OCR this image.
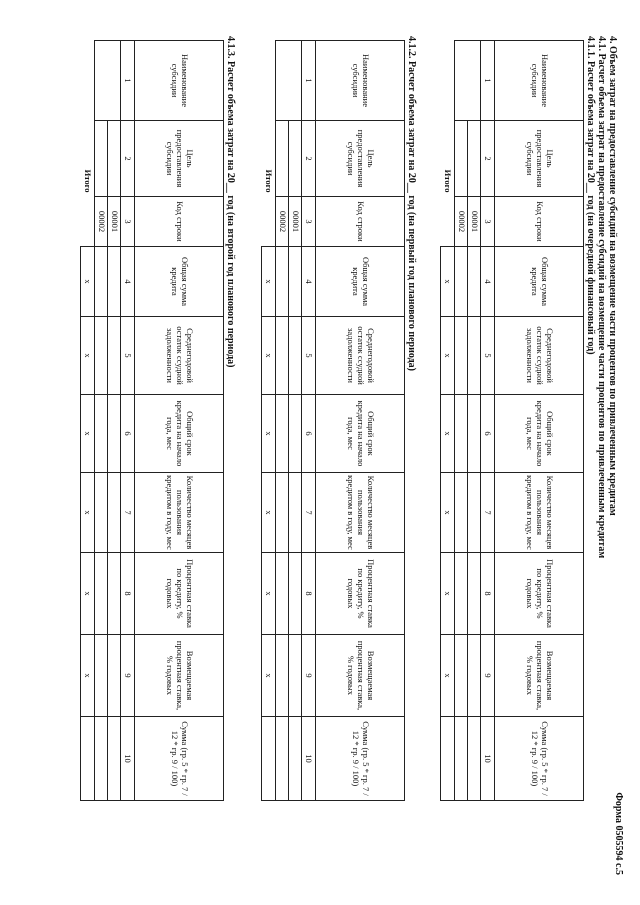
Форма 0505594 с.5
4. Объем затрат на предоставление субсидий на возмещение части процентов по привлеченным кредитам
4.1. Расчет объема затрат на предоставление субсидий на возмещение части процентов по привлеченным кредитам
4.1.1. Расчет объема затрат на 20__ год (на очередной финансовый год)
Наименование субсидии	Цель предоставления субсидии	Код строки	Общая сумма кредита	Среднегодовой остаток ссудной задолженности	Общий срок кредита на начало года, мес	Количество месяцев пользования кредитом в году, мес	Процентная ставка по кредиту, % годовых	Возмещаемая процентная ставка, % годовых	Сумма (гр. 5 * гр. 7 / 12 * гр. 9 / 100)
1	2	3	4	5	6	7	8	9	10
		00001							
		00002							
	Итого		x	x	x	x	x	x	
4.1.2. Расчет объема затрат на 20__ год (на первый год планового периода)
Наименование субсидии	Цель предоставления субсидии	Код строки	Общая сумма кредита	Среднегодовой остаток ссудной задолженности	Общий срок кредита на начало года, мес	Количество месяцев пользования кредитом в году, мес	Процентная ставка по кредиту, % годовых	Возмещаемая процентная ставка, % годовых	Сумма (гр. 5 * гр. 7 / 12 * гр. 9 / 100)
1	2	3	4	5	6	7	8	9	10
		00001							
		00002							
	Итого		x	x	x	x	x	x	
4.1.3. Расчет объема затрат на 20__ год (на второй год планового периода)
Наименование субсидии	Цель предоставления субсидии	Код строки	Общая сумма кредита	Среднегодовой остаток ссудной задолженности	Общий срок кредита на начало года, мес	Количество месяцев пользования кредитом в году, мес	Процентная ставка по кредиту, % годовых	Возмещаемая процентная ставка, % годовых	Сумма (гр. 5 * гр. 7 / 12 * гр. 9 / 100)
1	2	3	4	5	6	7	8	9	10
		00001							
		00002							
	Итого		x	x	x	x	x	x	
